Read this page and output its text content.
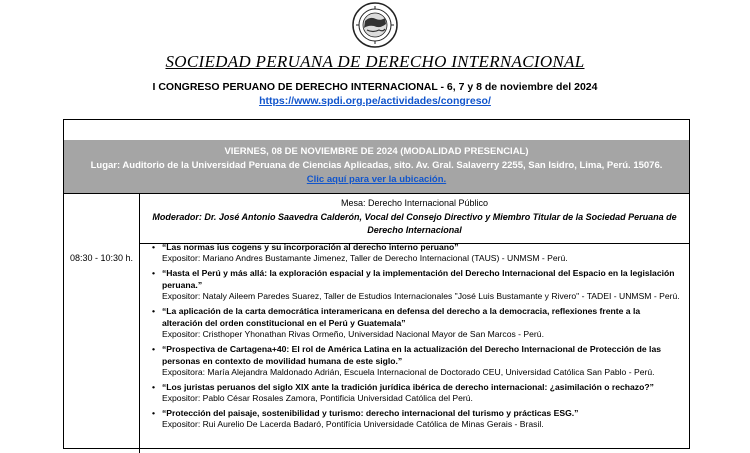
SOCIEDAD PERUANA DE DERECHO INTERNACIONAL
I CONGRESO PERUANO DE DERECHO INTERNACIONAL - 6, 7 y 8 de noviembre del 2024
https://www.spdi.org.pe/actividades/congreso/
VIERNES, 08 DE NOVIEMBRE DE 2024 (MODALIDAD PRESENCIAL)
Lugar: Auditorio de la Universidad Peruana de Ciencias Aplicadas, sito. Av. Gral. Salaverry 2255, San Isidro, Lima, Perú. 15076.
Clic aquí para ver la ubicación.
Mesa: Derecho Internacional Público
Moderador: Dr. José Antonio Saavedra Calderón, Vocal del Consejo Directivo y Miembro Titular de la Sociedad Peruana de Derecho Internacional
08:30 - 10:30 h.
• “Las normas ius cogens y su incorporación al derecho interno peruano”
Expositor: Mariano Andres Bustamante Jimenez, Taller de Derecho Internacional (TAUS) - UNMSM - Perú.
• “Hasta el Perú y más allá: la exploración espacial y la implementación del Derecho Internacional del Espacio en la legislación peruana.”
Expositor: Nataly Aileem Paredes Suarez, Taller de Estudios Internacionales "José Luis Bustamante y Rivero" - TADEI - UNMSM - Perú.
• “La aplicación de la carta democrática interamericana en defensa del derecho a la democracia, reflexiones frente a la alteración del orden constitucional en el Perú y Guatemala”
Expositor: Cristhoper Yhonathan Rivas Ormeño, Universidad Nacional Mayor de San Marcos - Perú.
• “Prospectiva de Cartagena+40: El rol de América Latina en la actualización del Derecho Internacional de Protección de las personas en contexto de movilidad humana de este siglo.”
Expositora: María Alejandra Maldonado Adrián, Escuela Internacional de Doctorado CEU, Universidad Católica San Pablo - Perú.
• “Los juristas peruanos del siglo XIX ante la tradición jurídica ibérica de derecho internacional: ¿asimilación o rechazo?”
Expositor: Pablo César Rosales Zamora, Pontificia Universidad Católica del Perú.
• “Protección del paisaje, sostenibilidad y turismo: derecho internacional del turismo y prácticas ESG.”
Expositor: Rui Aurelio De Lacerda Badaró, Pontifícia Universidade Católica de Minas Gerais - Brasil.
